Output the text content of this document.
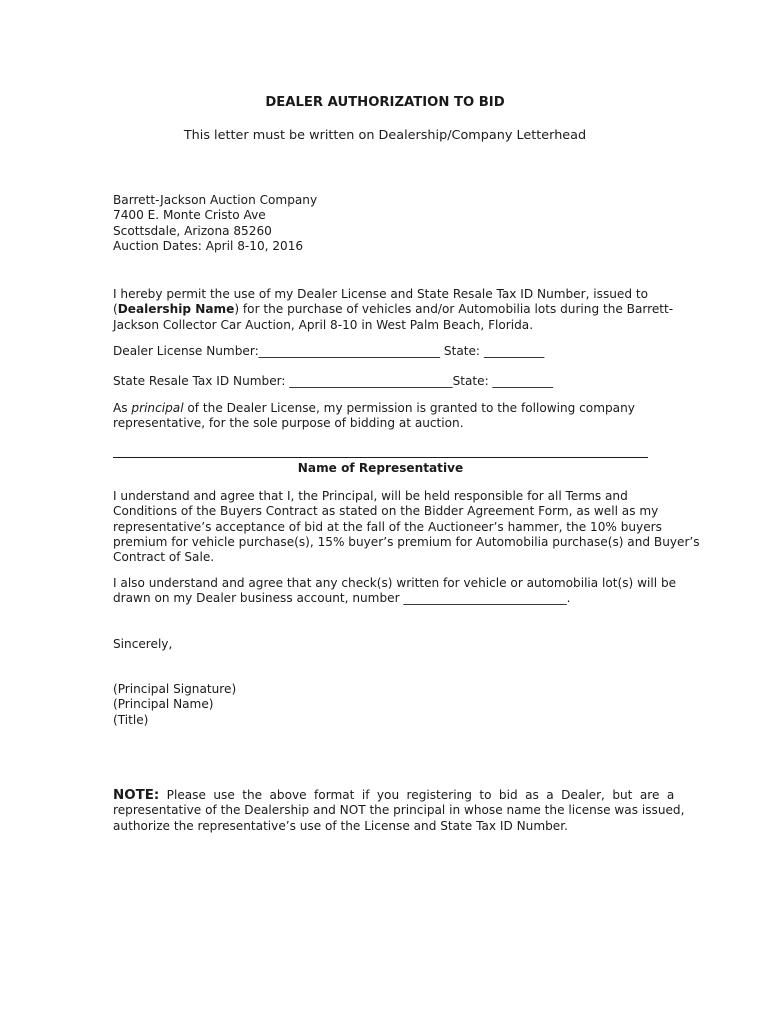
DEALER AUTHORIZATION TO BID
This letter must be written on Dealership/Company Letterhead
Barrett-Jackson Auction Company
7400 E. Monte Cristo Ave
Scottsdale, Arizona 85260
Auction Dates: April 8-10, 2016
I hereby permit the use of my Dealer License and State Resale Tax ID Number, issued to
(Dealership Name) for the purchase of vehicles and/or Automobilia lots during the Barrett-
Jackson Collector Car Auction, April 8-10 in West Palm Beach, Florida.
Dealer License Number:______________________________ State: __________
State Resale Tax ID Number: ___________________________State: __________
As principal of the Dealer License, my permission is granted to the following company
representative, for the sole purpose of bidding at auction.
Name of Representative
I understand and agree that I, the Principal, will be held responsible for all Terms and
Conditions of the Buyers Contract as stated on the Bidder Agreement Form, as well as my
representative’s acceptance of bid at the fall of the Auctioneer’s hammer, the 10% buyers
premium for vehicle purchase(s), 15% buyer’s premium for Automobilia purchase(s) and Buyer’s
Contract of Sale.
I also understand and agree that any check(s) written for vehicle or automobilia lot(s) will be
drawn on my Dealer business account, number ___________________________.
Sincerely,
(Principal Signature)
(Principal Name)
(Title)
NOTE: Please use the above format if you registering to bid as a Dealer, but are a
representative of the Dealership and NOT the principal in whose name the license was issued,
authorize the representative’s use of the License and State Tax ID Number.
